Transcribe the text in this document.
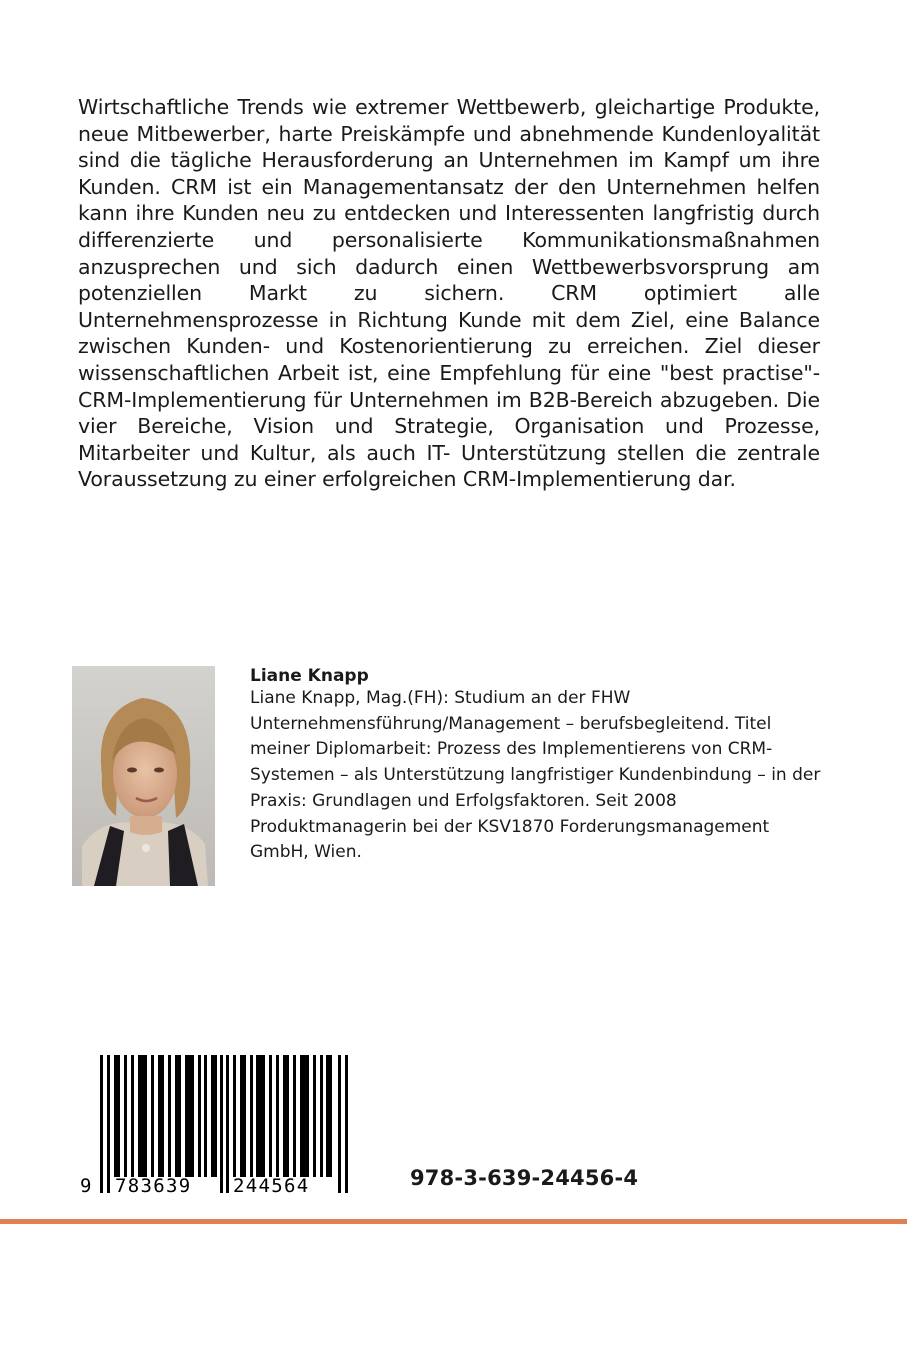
Wirtschaftliche Trends wie extremer Wettbewerb, gleichartige Produkte, neue Mitbewerber, harte Preiskämpfe und abnehmende Kundenloyalität sind die tägliche Herausforderung an Unternehmen im Kampf um ihre Kunden. CRM ist ein Managementansatz der den Unternehmen helfen kann ihre Kunden neu zu entdecken und Interessenten langfristig durch differenzierte und personalisierte Kommunikationsmaßnahmen anzusprechen und sich dadurch einen Wettbewerbsvorsprung am potenziellen Markt zu sichern. CRM optimiert alle Unternehmensprozesse in Richtung Kunde mit dem Ziel, eine Balance zwischen Kunden- und Kostenorientierung zu erreichen. Ziel dieser wissenschaftlichen Arbeit ist, eine Empfehlung für eine "best practise"-CRM-Implementierung für Unternehmen im B2B-Bereich abzugeben. Die vier Bereiche, Vision und Strategie, Organisation und Prozesse, Mitarbeiter und Kultur, als auch IT- Unterstützung stellen die zentrale Voraussetzung zu einer erfolgreichen CRM-Implementierung dar.

Liane Knapp

Liane Knapp, Mag.(FH): Studium an der FHW Unternehmensführung/Management – berufsbegleitend. Titel meiner Diplomarbeit: Prozess des Implementierens von CRM-Systemen – als Unterstützung langfristiger Kundenbindung – in der Praxis: Grundlagen und Erfolgsfaktoren. Seit 2008 Produktmanagerin bei der KSV1870 Forderungsmanagement GmbH, Wien.

9 783639 244564	978-3-639-24456-4
